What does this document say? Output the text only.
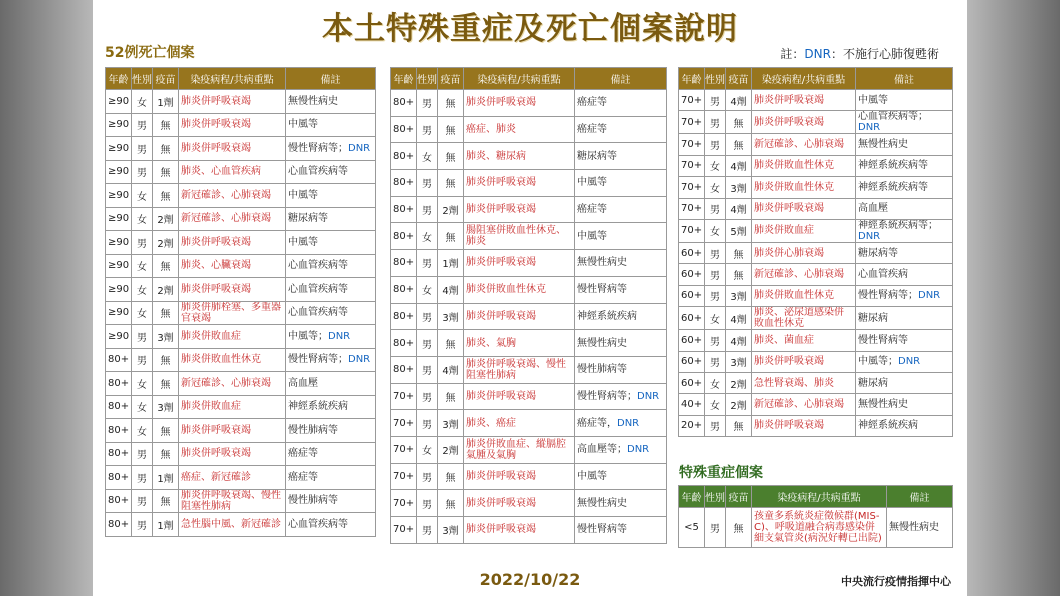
本土特殊重症及死亡個案說明
52例死亡個案	註：DNR：不施行心肺復甦術
年齡	性別	疫苗	染疫病程/共病重點	備註
≥90	女	1劑	肺炎併呼吸衰竭	無慢性病史
≥90	男	無	肺炎併呼吸衰竭	中風等
≥90	男	無	肺炎併呼吸衰竭	慢性腎病等；DNR
≥90	男	無	肺炎、心血管疾病	心血管疾病等
≥90	女	無	新冠確診、心肺衰竭	中風等
≥90	女	2劑	新冠確診、心肺衰竭	糖尿病等
≥90	男	2劑	肺炎併呼吸衰竭	中風等
≥90	女	無	肺炎、心臟衰竭	心血管疾病等
≥90	女	2劑	肺炎併呼吸衰竭	心血管疾病等
≥90	女	無	肺炎併肺栓塞、多重器官衰竭	心血管疾病等
≥90	男	3劑	肺炎併敗血症	中風等；DNR
80+	男	無	肺炎併敗血性休克	慢性腎病等；DNR
80+	女	無	新冠確診、心肺衰竭	高血壓
80+	女	3劑	肺炎併敗血症	神經系統疾病
80+	女	無	肺炎併呼吸衰竭	慢性肺病等
80+	男	無	肺炎併呼吸衰竭	癌症等
80+	男	1劑	癌症、新冠確診	癌症等
80+	男	無	肺炎併呼吸衰竭、慢性阻塞性肺病	慢性肺病等
80+	男	1劑	急性腦中風、新冠確診	心血管疾病等
年齡	性別	疫苗	染疫病程/共病重點	備註
80+	男	無	肺炎併呼吸衰竭	癌症等
80+	男	無	癌症、肺炎	癌症等
80+	女	無	肺炎、糖尿病	糖尿病等
80+	男	無	肺炎併呼吸衰竭	中風等
80+	男	2劑	肺炎併呼吸衰竭	癌症等
80+	女	無	腸阻塞併敗血性休克、肺炎	中風等
80+	男	1劑	肺炎併呼吸衰竭	無慢性病史
80+	女	4劑	肺炎併敗血性休克	慢性腎病等
80+	男	3劑	肺炎併呼吸衰竭	神經系統疾病
80+	男	無	肺炎、氣胸	無慢性病史
80+	男	4劑	肺炎併呼吸衰竭、慢性阻塞性肺病	慢性肺病等
70+	男	無	肺炎併呼吸衰竭	慢性腎病等；DNR
70+	男	3劑	肺炎、癌症	癌症等，DNR
70+	女	2劑	肺炎併敗血症、縱膈腔氣腫及氣胸	高血壓等；DNR
70+	男	無	肺炎併呼吸衰竭	中風等
70+	男	無	肺炎併呼吸衰竭	無慢性病史
70+	男	3劑	肺炎併呼吸衰竭	慢性腎病等
年齡	性別	疫苗	染疫病程/共病重點	備註
70+	男	4劑	肺炎併呼吸衰竭	中風等
70+	男	無	肺炎併呼吸衰竭	心血管疾病等；DNR
70+	男	無	新冠確診、心肺衰竭	無慢性病史
70+	女	4劑	肺炎併敗血性休克	神經系統疾病等
70+	女	3劑	肺炎併敗血性休克	神經系統疾病等
70+	男	4劑	肺炎併呼吸衰竭	高血壓
70+	女	5劑	肺炎併敗血症	神經系統疾病等；DNR
60+	男	無	肺炎併心肺衰竭	糖尿病等
60+	男	無	新冠確診、心肺衰竭	心血管疾病
60+	男	3劑	肺炎併敗血性休克	慢性腎病等；DNR
60+	女	4劑	肺炎、泌尿道感染併敗血性休克	糖尿病
60+	男	4劑	肺炎、菌血症	慢性腎病等
60+	男	3劑	肺炎併呼吸衰竭	中風等；DNR
60+	女	2劑	急性腎衰竭、肺炎	糖尿病
40+	女	2劑	新冠確診、心肺衰竭	無慢性病史
20+	男	無	肺炎併呼吸衰竭	神經系統疾病
特殊重症個案
年齡	性別	疫苗	染疫病程/共病重點	備註
<5	男	無	孩童多系統炎症徵候群(MIS-C)、呼吸道融合病毒感染併細支氣管炎(病況好轉已出院)	無慢性病史
2022/10/22	中央流行疫情指揮中心
